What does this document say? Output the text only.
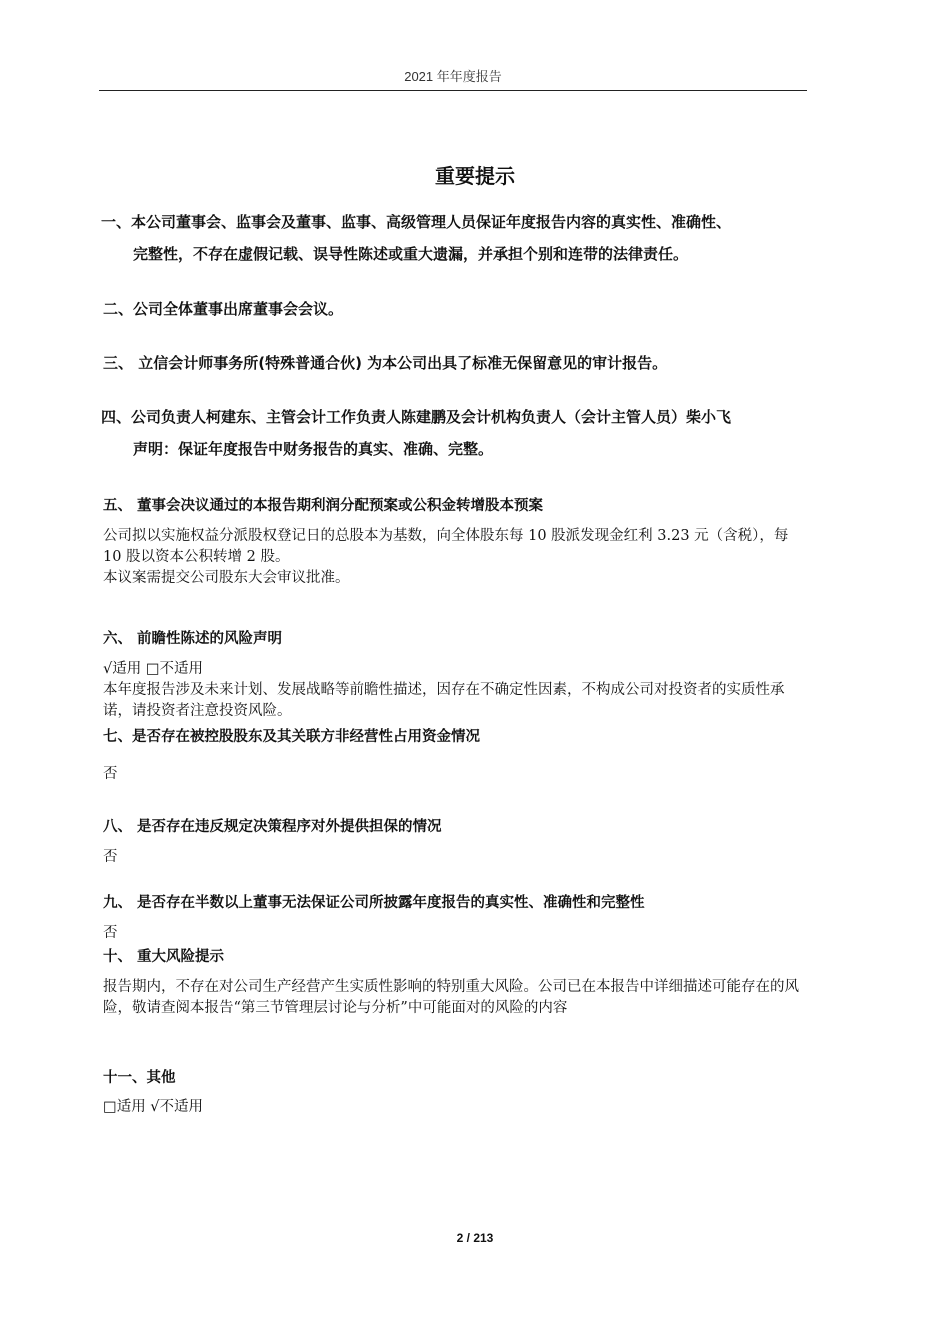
2021 年年度报告
重要提示
一、本公司董事会、监事会及董事、监事、高级管理人员保证年度报告内容的真实性、准确性、
完整性，不存在虚假记载、误导性陈述或重大遗漏，并承担个别和连带的法律责任。
二、公司全体董事出席董事会会议。
三、 立信会计师事务所(特殊普通合伙) 为本公司出具了标准无保留意见的审计报告。
四、公司负责人柯建东、主管会计工作负责人陈建鹏及会计机构负责人（会计主管人员）柴小飞
声明：保证年度报告中财务报告的真实、准确、完整。
五、 董事会决议通过的本报告期利润分配预案或公积金转增股本预案
公司拟以实施权益分派股权登记日的总股本为基数，向全体股东每 10 股派发现金红利 3.23 元（含税），每 10 股以资本公积转增 2 股。
本议案需提交公司股东大会审议批准。
六、 前瞻性陈述的风险声明
√适用 □不适用
本年度报告涉及未来计划、发展战略等前瞻性描述，因存在不确定性因素，不构成公司对投资者的实质性承诺，请投资者注意投资风险。
七、是否存在被控股股东及其关联方非经营性占用资金情况
否
八、 是否存在违反规定决策程序对外提供担保的情况
否
九、 是否存在半数以上董事无法保证公司所披露年度报告的真实性、准确性和完整性
否
十、 重大风险提示
报告期内，不存在对公司生产经营产生实质性影响的特别重大风险。公司已在本报告中详细描述可能存在的风险，敬请查阅本报告“第三节管理层讨论与分析”中可能面对的风险的内容
十一、其他
□适用 √不适用
2 / 213
